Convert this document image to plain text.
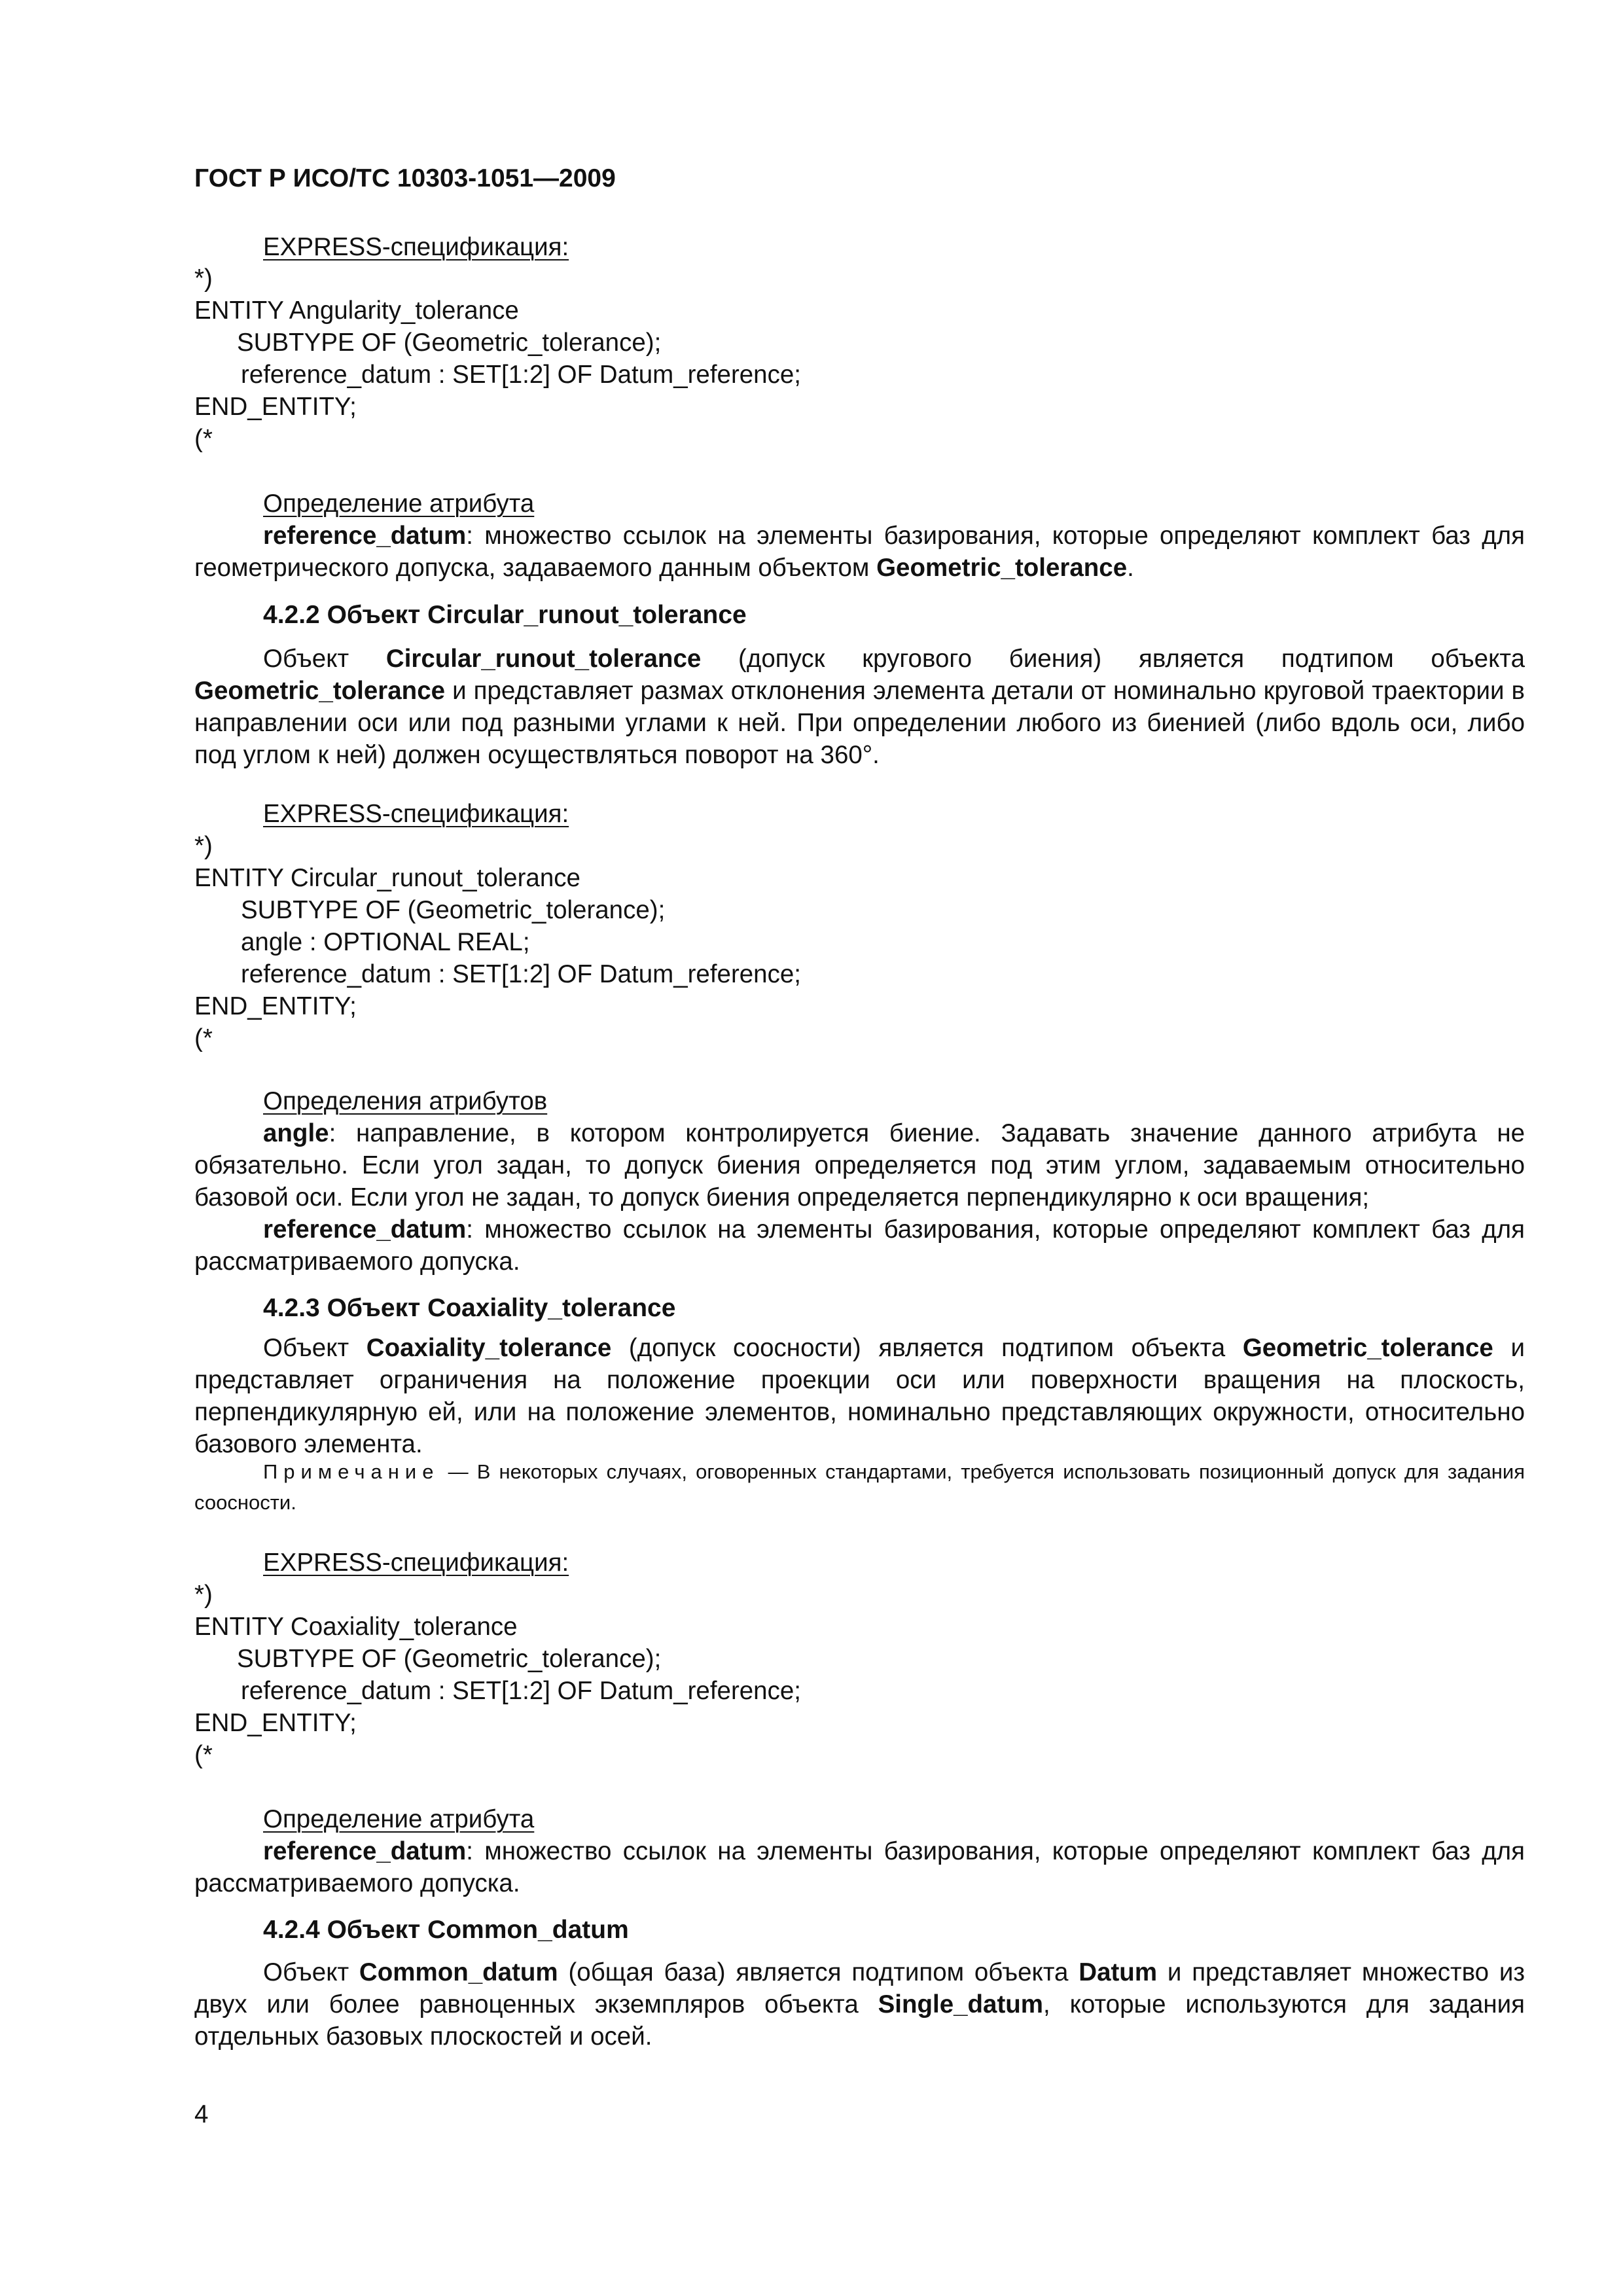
ГОСТ Р ИСО/ТС 10303-1051—2009
EXPRESS-спецификация:
*)
ENTITY Angularity_tolerance
SUBTYPE OF (Geometric_tolerance);
reference_datum : SET[1:2] OF Datum_reference;
END_ENTITY;
(*
Определение атрибута
reference_datum: множество ссылок на элементы базирования, которые определяют комплект баз для геометрического допуска, задаваемого данным объектом Geometric_tolerance.
4.2.2 Объект Circular_runout_tolerance
Объект Circular_runout_tolerance (допуск кругового биения) является подтипом объекта Geometric_tolerance и представляет размах отклонения элемента детали от номинально круговой траектории в направлении оси или под разными углами к ней. При определении любого из биенией (либо вдоль оси, либо под углом к ней) должен осуществляться поворот на 360°.
EXPRESS-спецификация:
*)
ENTITY Circular_runout_tolerance
SUBTYPE OF (Geometric_tolerance);
angle : OPTIONAL REAL;
reference_datum : SET[1:2] OF Datum_reference;
END_ENTITY;
(*
Определения атрибутов
angle: направление, в котором контролируется биение. Задавать значение данного атрибута не обязательно. Если угол задан, то допуск биения определяется под этим углом, задаваемым относительно базовой оси. Если угол не задан, то допуск биения определяется перпендикулярно к оси вращения;
reference_datum: множество ссылок на элементы базирования, которые определяют комплект баз для рассматриваемого допуска.
4.2.3 Объект Coaxiality_tolerance
Объект Coaxiality_tolerance (допуск соосности) является подтипом объекта Geometric_tolerance и представляет ограничения на положение проекции оси или поверхности вращения на плоскость, перпендикулярную ей, или на положение элементов, номинально представляющих окружности, относительно базового элемента.
Примечание — В некоторых случаях, оговоренных стандартами, требуется использовать позиционный допуск для задания соосности.
EXPRESS-спецификация:
*)
ENTITY Coaxiality_tolerance
SUBTYPE OF (Geometric_tolerance);
reference_datum : SET[1:2] OF Datum_reference;
END_ENTITY;
(*
Определение атрибута
reference_datum: множество ссылок на элементы базирования, которые определяют комплект баз для рассматриваемого допуска.
4.2.4 Объект Common_datum
Объект Common_datum (общая база) является подтипом объекта Datum и представляет множество из двух или более равноценных экземпляров объекта Single_datum, которые используются для задания отдельных базовых плоскостей и осей.
4
